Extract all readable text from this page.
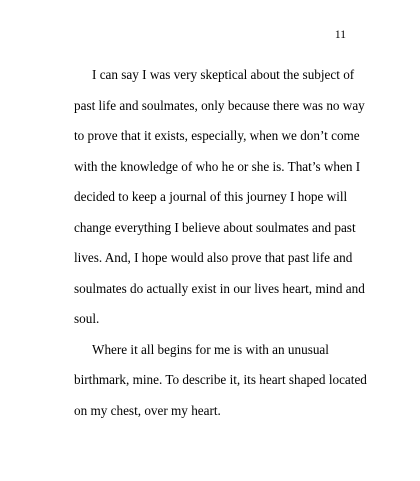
11
I can say I was very skeptical about the subject of
past life and soulmates, only because there was no way
to prove that it exists, especially, when we don’t come
with the knowledge of who he or she is. That’s when I
decided to keep a journal of this journey I hope will
change everything I believe about soulmates and past
lives. And, I hope would also prove that past life and
soulmates do actually exist in our lives heart, mind and
soul.
Where it all begins for me is with an unusual
birthmark, mine. To describe it, its heart shaped located
on my chest, over my heart.
